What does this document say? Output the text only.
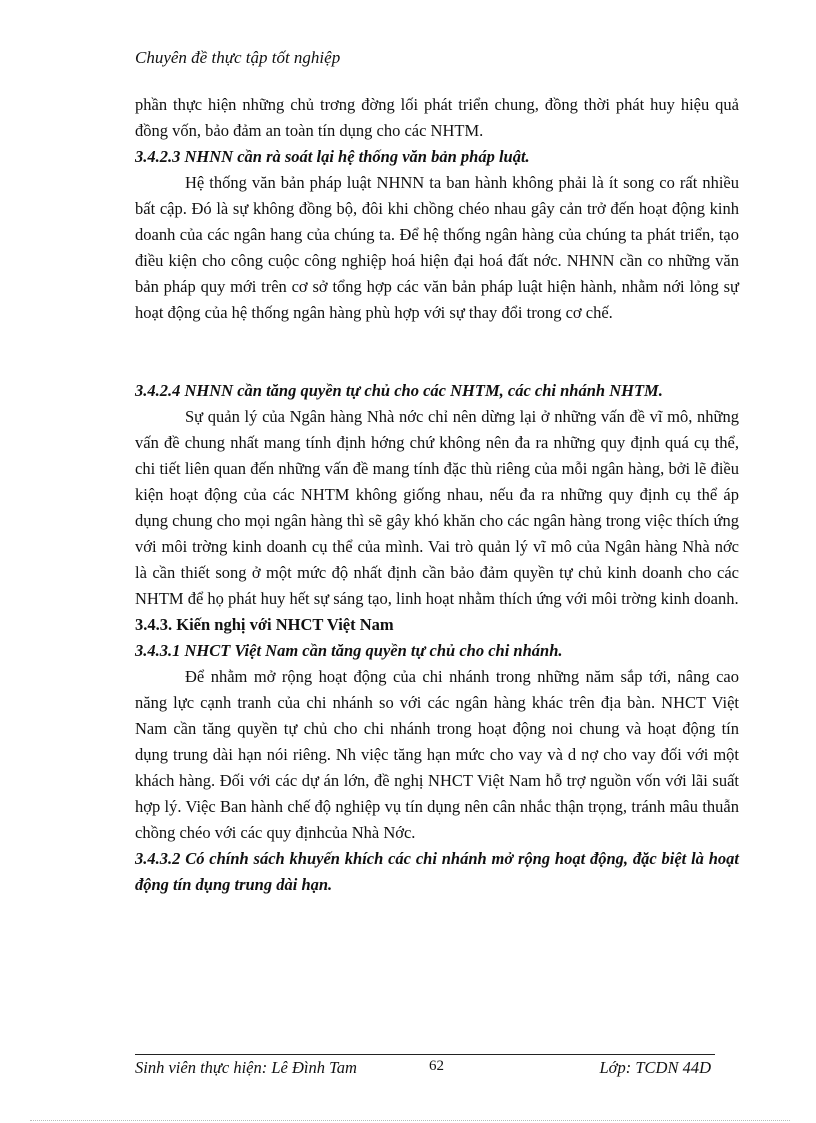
Chuyên đề thực tập tốt nghiệp

phần thực hiện những chủ trơng đờng lối phát triển chung, đồng thời phát huy hiệu quả đồng vốn, bảo đảm an toàn tín dụng cho các NHTM.

3.4.2.3 NHNN cần rà soát lại hệ thống văn bản pháp luật.

Hệ thống văn bản pháp luật NHNN ta ban hành không phải là ít song co rất nhiều bất cập. Đó là sự không đồng bộ, đôi khi chồng chéo nhau gây cản trở đến hoạt động kinh doanh của các ngân hang của chúng ta. Để hệ thống ngân hàng của chúng ta phát triển, tạo điều kiện cho công cuộc công nghiệp hoá hiện đại hoá đất nớc. NHNN cần co những văn bản pháp quy mới trên cơ sở tổng hợp các văn bản pháp luật hiện hành, nhằm nới lỏng sự hoạt động của hệ thống ngân hàng phù hợp với sự thay đổi trong cơ chế.

3.4.2.4 NHNN cần tăng quyền tự chủ cho các NHTM, các chi nhánh NHTM.

Sự quản lý của Ngân hàng Nhà nớc chỉ nên dừng lại ở những vấn đề vĩ mô, những vấn đề chung nhất mang tính định hớng chứ không nên đa ra những quy định quá cụ thể, chi tiết liên quan đến những vấn đề mang tính đặc thù riêng của mỗi ngân hàng, bởi lẽ điều kiện hoạt động của các NHTM không giống nhau, nếu đa ra những quy định cụ thể áp dụng chung cho mọi ngân hàng thì sẽ gây khó khăn cho các ngân hàng trong việc thích ứng với môi trờng kinh doanh cụ thể của mình. Vai trò quản lý vĩ mô của Ngân hàng Nhà nớc là cần thiết song ở một mức độ nhất định cần bảo đảm quyền tự chủ kinh doanh cho các NHTM để họ phát huy hết sự sáng tạo, linh hoạt nhằm thích ứng với môi trờng kinh doanh.

3.4.3. Kiến nghị với NHCT Việt Nam

3.4.3.1 NHCT Việt Nam cần tăng quyền tự chủ cho chi nhánh.

Để nhằm mở rộng hoạt động của chi nhánh trong những năm sắp tới, nâng cao năng lực cạnh tranh của chi nhánh so với các ngân hàng khác trên địa bàn. NHCT Việt Nam cần tăng quyền tự chủ cho chi nhánh trong hoạt động noi chung và hoạt động tín dụng trung dài hạn nói riêng. Nh việc tăng hạn mức cho vay và d nợ cho vay đối với một khách hàng. Đối với các dự án lớn, đề nghị NHCT Việt Nam hỗ trợ nguồn vốn với lãi suất hợp lý. Việc Ban hành chế độ nghiệp vụ tín dụng nên cân nhắc thận trọng, tránh mâu thuẫn chồng chéo với các quy địnhcủa Nhà Nớc.

3.4.3.2 Có chính sách khuyến khích các chi nhánh mở rộng hoạt động, đặc biệt là hoạt động tín dụng trung dài hạn.

Sinh viên thực hiện: Lê Đình Tam	62	Lớp: TCDN 44D
